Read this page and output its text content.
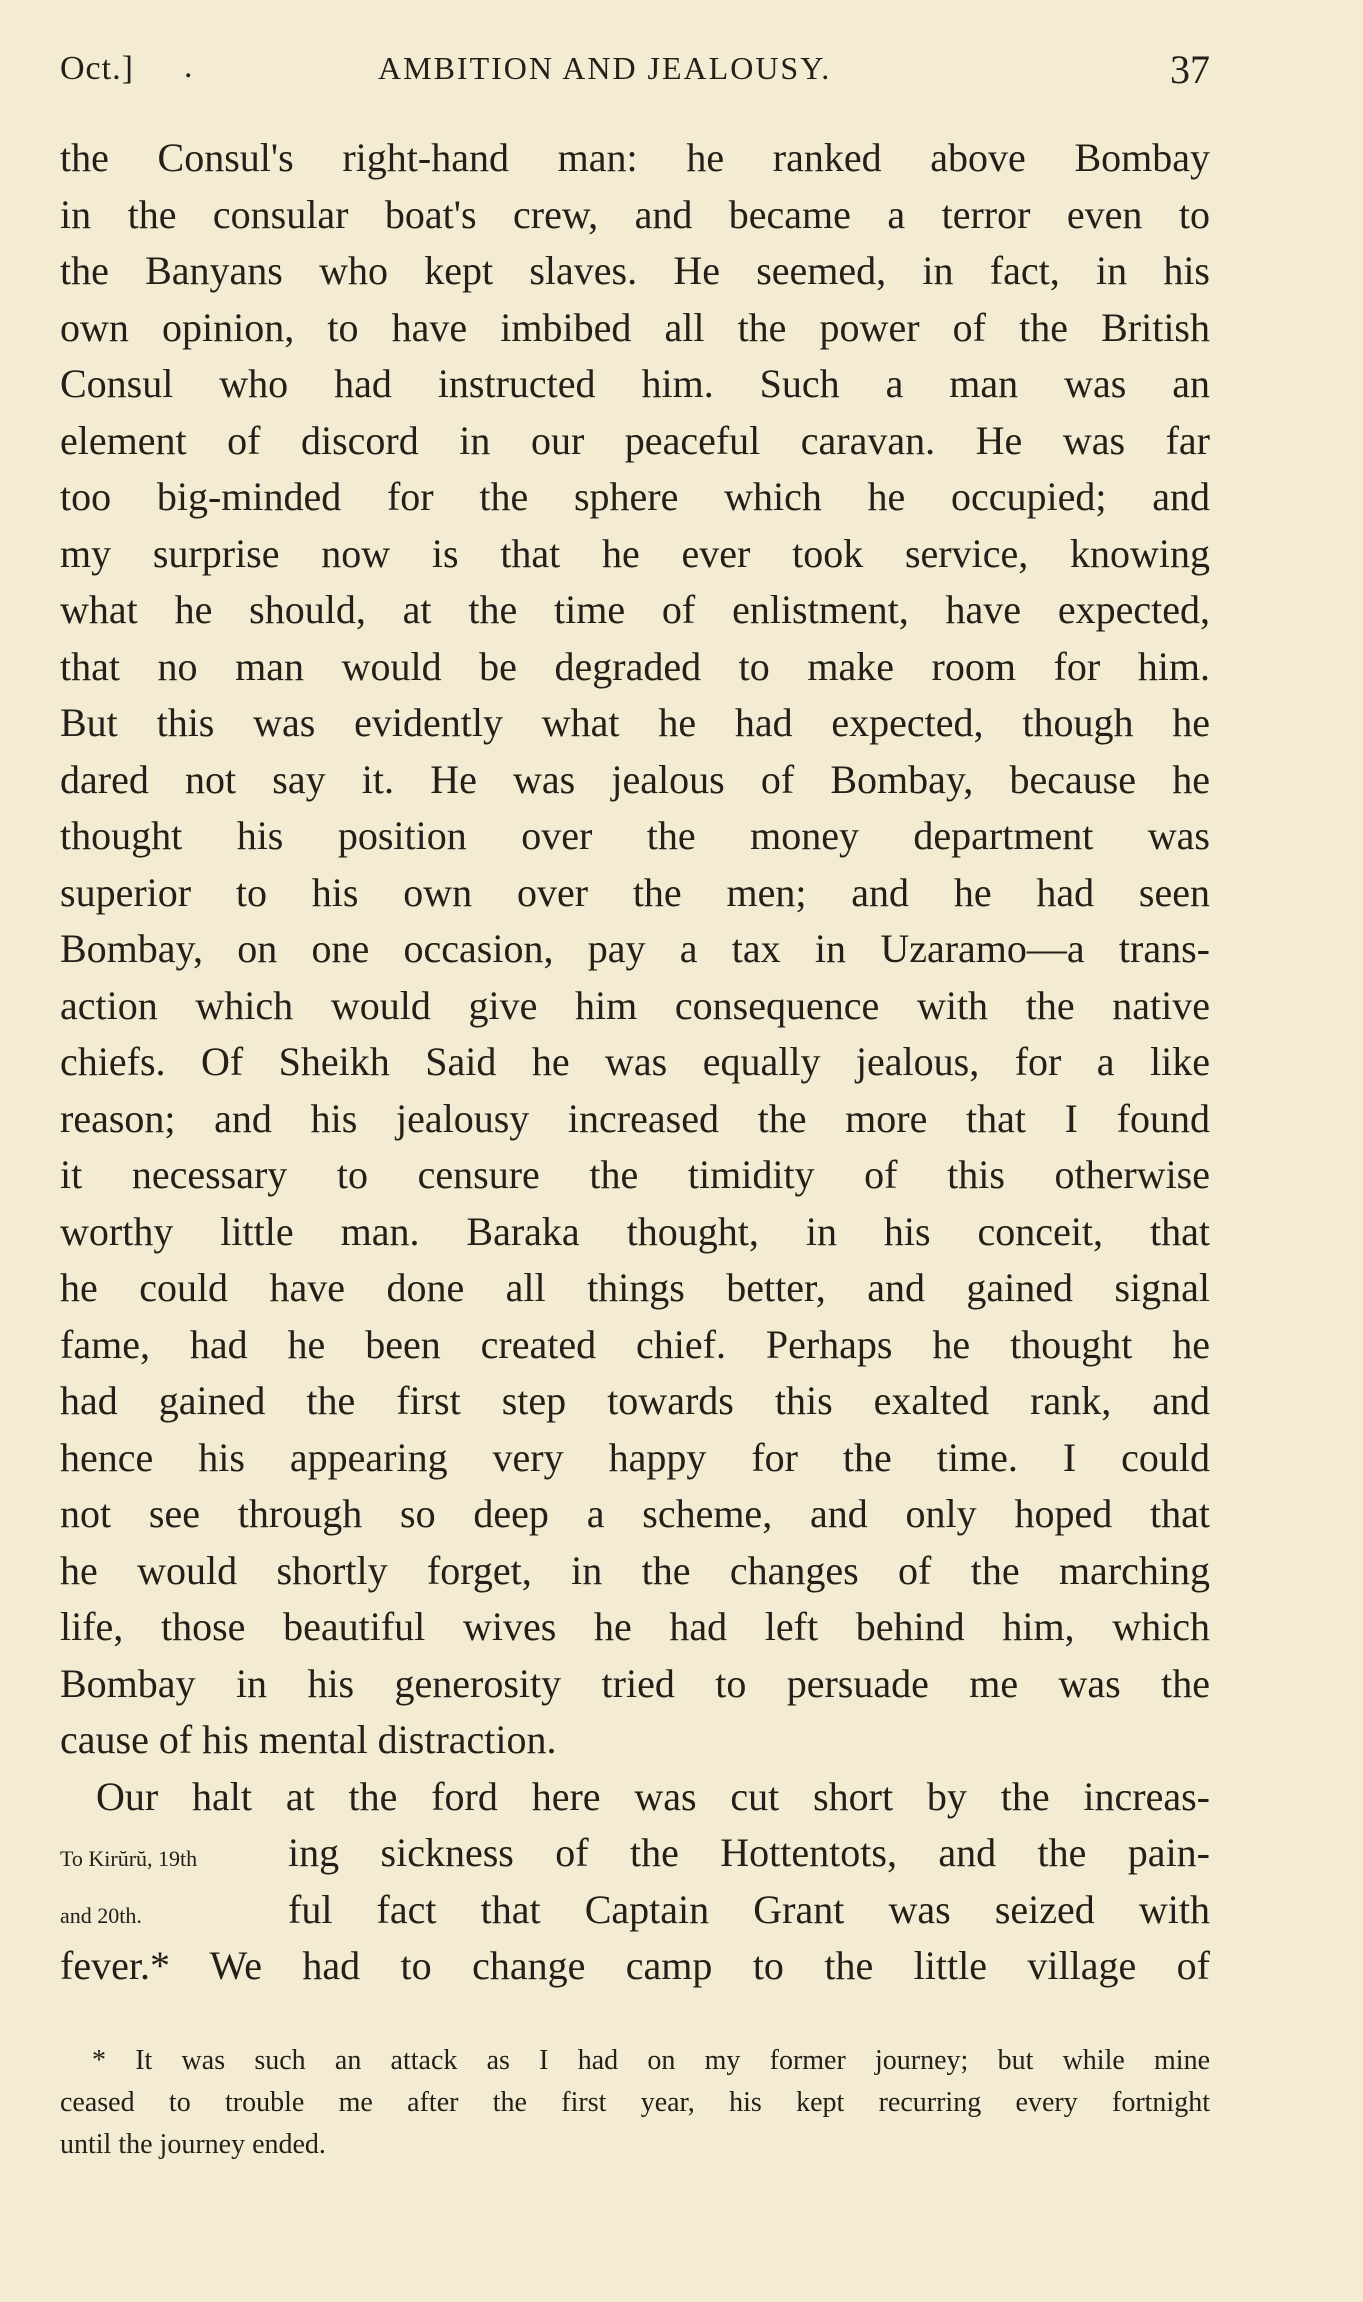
Oct.] .	AMBITION AND JEALOUSY.	37
the Consul's right-hand man: he ranked above Bombay
in the consular boat's crew, and became a terror even to
the Banyans who kept slaves. He seemed, in fact, in his
own opinion, to have imbibed all the power of the British
Consul who had instructed him. Such a man was an
element of discord in our peaceful caravan. He was far
too big-minded for the sphere which he occupied; and
my surprise now is that he ever took service, knowing
what he should, at the time of enlistment, have expected,
that no man would be degraded to make room for him.
But this was evidently what he had expected, though he
dared not say it. He was jealous of Bombay, because he
thought his position over the money department was
superior to his own over the men; and he had seen
Bombay, on one occasion, pay a tax in Uzaramo—a trans-
action which would give him consequence with the native
chiefs. Of Sheikh Said he was equally jealous, for a like
reason; and his jealousy increased the more that I found
it necessary to censure the timidity of this otherwise
worthy little man. Baraka thought, in his conceit, that
he could have done all things better, and gained signal
fame, had he been created chief. Perhaps he thought he
had gained the first step towards this exalted rank, and
hence his appearing very happy for the time. I could
not see through so deep a scheme, and only hoped that
he would shortly forget, in the changes of the marching
life, those beautiful wives he had left behind him, which
Bombay in his generosity tried to persuade me was the
cause of his mental distraction.
Our halt at the ford here was cut short by the increas-
To Kirŭrŭ, 19th	ing sickness of the Hottentots, and the pain-
and 20th.	ful fact that Captain Grant was seized with
fever.* We had to change camp to the little village of
* It was such an attack as I had on my former journey; but while mine
ceased to trouble me after the first year, his kept recurring every fortnight
until the journey ended.
